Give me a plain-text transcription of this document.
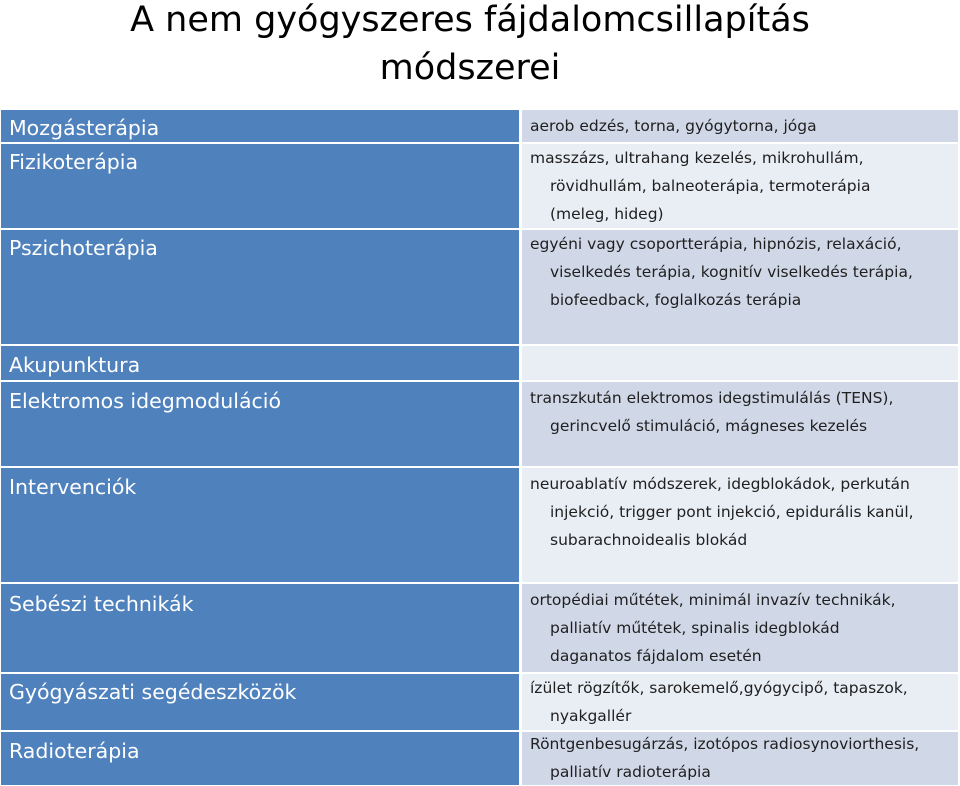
A nem gyógyszeres fájdalomcsillapítás
módszerei
Mozgásterápia	aerob edzés, torna, gyógytorna, jóga
Fizikoterápia	masszázs, ultrahang kezelés, mikrohullám,
rövidhullám, balneoterápia, termoterápia
(meleg, hideg)
Pszichoterápia	egyéni vagy csoportterápia, hipnózis, relaxáció,
viselkedés terápia, kognitív viselkedés terápia,
biofeedback, foglalkozás terápia
Akupunktura
Elektromos idegmoduláció	transzkután elektromos idegstimulálás (TENS),
gerincvelő stimuláció, mágneses kezelés
Intervenciók	neuroablatív módszerek, idegblokádok, perkután
injekció, trigger pont injekció, epidurális kanül,
subarachnoidealis blokád
Sebészi technikák	ortopédiai műtétek, minimál invazív technikák,
palliatív műtétek, spinalis idegblokád
daganatos fájdalom esetén
Gyógyászati segédeszközök	ízület rögzítők, sarokemelő,gyógycipő, tapaszok,
nyakgallér
Radioterápia	Röntgenbesugárzás, izotópos radiosynoviorthesis,
palliatív radioterápia
